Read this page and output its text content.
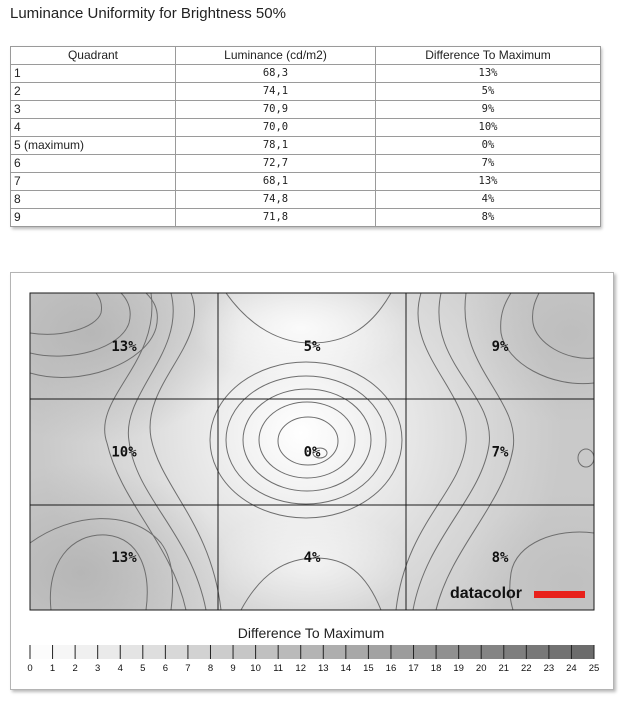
Luminance Uniformity for Brightness 50%
Quadrant	Luminance (cd/m2)	Difference To Maximum
1	68,3	13%
2	74,1	5%
3	70,9	9%
4	70,0	10%
5 (maximum)	78,1	0%
6	72,7	7%
7	68,1	13%
8	74,8	4%
9	71,8	8%
13%	5%	9%
10%	0%	7%
13%	4%	8%
datacolor
Difference To Maximum
0 1 2 3 4 5 6 7 8 9 10 11 12 13 14 15 16 17 18 19 20 21 22 23 24 25
